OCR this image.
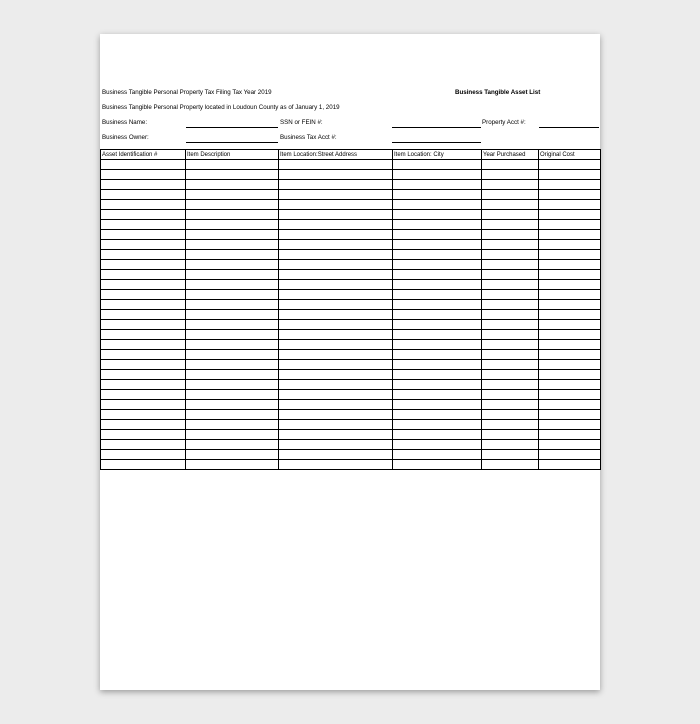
Business Tangible Personal Property Tax Filing Tax Year 2019	Business Tangible Asset List
Business Tangible Personal Property located in Loudoun County as of January 1, 2019
Business Name:	SSN or FEIN #:	Property Acct #:
Business Owner:	Business Tax Acct #:
Asset Identification #	Item Description	Item Location:Street Address	Item Location: City	Year Purchased	Original Cost
